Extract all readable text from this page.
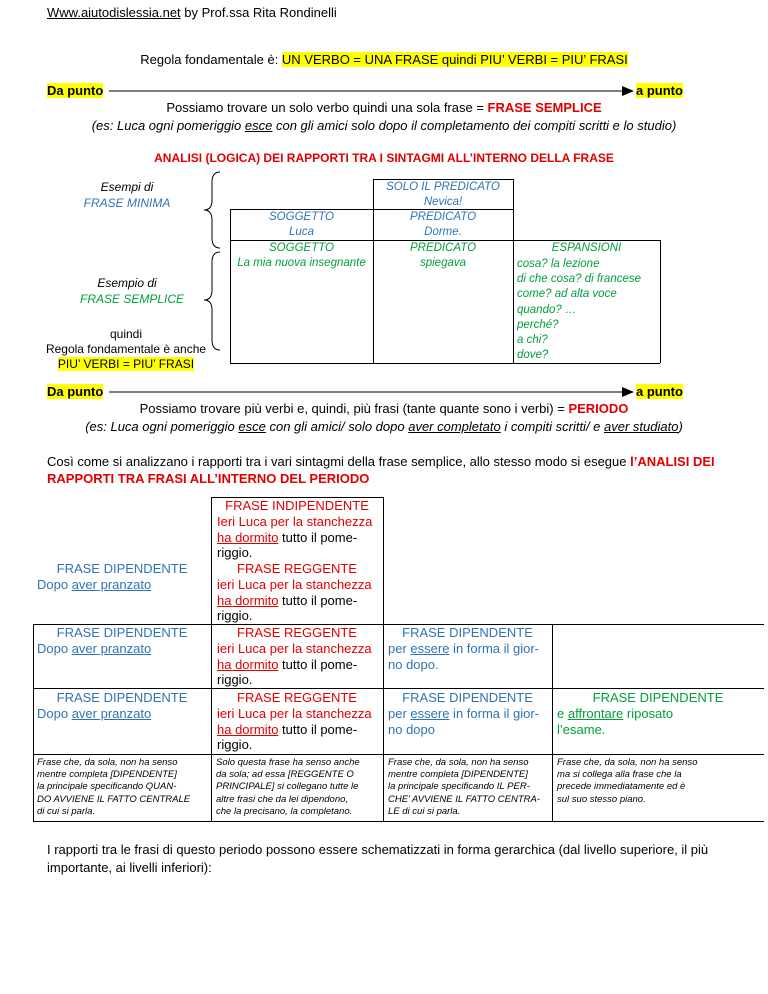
Www.aiutodislessia.net by Prof.ssa Rita Rondinelli
Regola fondamentale è: UN VERBO = UNA FRASE quindi PIU’ VERBI = PIU’ FRASI
Da punto	a punto
Possiamo trovare un solo verbo quindi una sola frase = FRASE SEMPLICE
(es: Luca ogni pomeriggio esce con gli amici solo dopo il completamento dei compiti scritti e lo studio)
ANALISI (LOGICA) DEI RAPPORTI TRA I SINTAGMI ALL’INTERNO DELLA FRASE
Esempi di
FRASE MINIMA
Esempio di
FRASE SEMPLICE
quindi
Regola fondamentale è anche
PIU’ VERBI = PIU’ FRASI
SOLO IL PREDICATO
Nevica!
PREDICATO
Dorme.
SOGGETTO
Luca
SOGGETTO
La mia nuova insegnante
PREDICATO
spiegava
ESPANSIONI
cosa? la lezione
di che cosa? di francese
come? ad alta voce
quando? …
perché?
a chi?
dove?
Da punto	a punto
Possiamo trovare più verbi e, quindi, più frasi (tante quante sono i verbi) = PERIODO
(es: Luca ogni pomeriggio esce con gli amici/ solo dopo aver completato i compiti scritti/ e aver studiato)
Così come si analizzano i rapporti tra i vari sintagmi della frase semplice, allo stesso modo si esegue l’ANALISI DEI
RAPPORTI TRA FRASI ALL’INTERNO DEL PERIODO
FRASE INDIPENDENTE
Ieri Luca per la stanchezza
ha dormito tutto il pome-
riggio.
FRASE REGGENTE
ieri Luca per la stanchezza
ha dormito tutto il pome-
riggio.
FRASE REGGENTE
ieri Luca per la stanchezza
ha dormito tutto il pome-
riggio.
FRASE REGGENTE
ieri Luca per la stanchezza
ha dormito tutto il pome-
riggio.
FRASE DIPENDENTE
Dopo aver pranzato
FRASE DIPENDENTE
Dopo aver pranzato
FRASE DIPENDENTE
Dopo aver pranzato
FRASE DIPENDENTE
per essere in forma il gior-
no dopo.
FRASE DIPENDENTE
per essere in forma il gior-
no dopo
FRASE DIPENDENTE
e affrontare riposato
l’esame.
Frase che, da sola, non ha senso
mentre completa [DIPENDENTE]
la principale specificando QUAN-
DO AVVIENE IL FATTO CENTRALE
di cui si parla.
Solo questa frase ha senso anche
da sola; ad essa [REGGENTE O
PRINCIPALE] si collegano tutte le
altre frasi che da lei dipendono,
che la precisano, la completano.
Frase che, da sola, non ha senso
mentre completa [DIPENDENTE]
la principale specificando IL PER-
CHE’ AVVIENE IL FATTO CENTRA-
LE di cui si parla.
Frase che, da sola, non ha senso
ma si collega alla frase che la
precede immediatamente ed è
sul suo stesso piano.
I rapporti tra le frasi di questo periodo possono essere schematizzati in forma gerarchica (dal livello superiore, il più
importante, ai livelli inferiori):
